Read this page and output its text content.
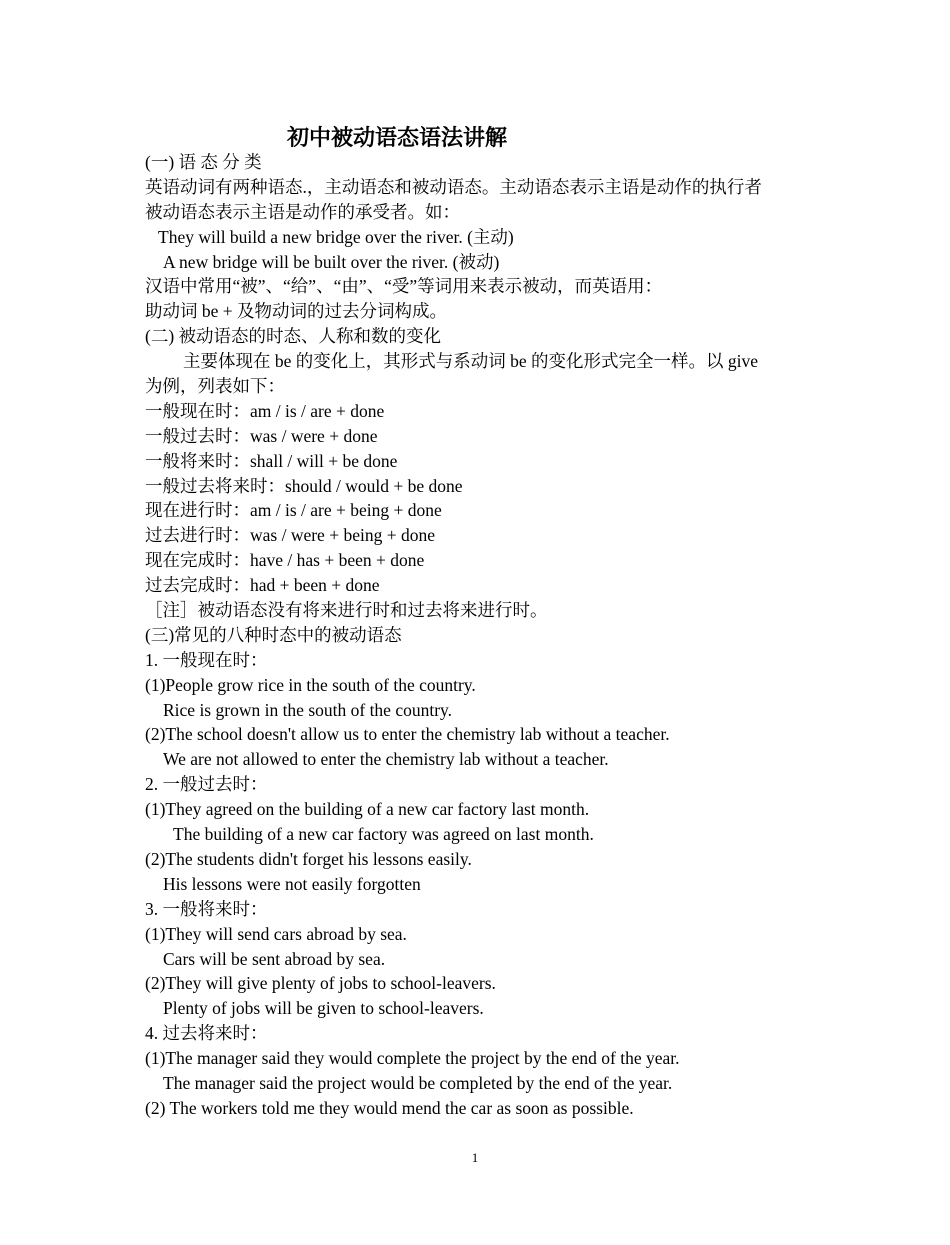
初中被动语态语法讲解
(一) 语 态 分 类
英语动词有两种语态.，主动语态和被动语态。主动语态表示主语是动作的执行者
被动语态表示主语是动作的承受者。如：
They will build a new bridge over the river. (主动)
A new bridge will be built over the river. (被动)
汉语中常用“被”、“给”、“由”、“受”等词用来表示被动，而英语用：
助动词 be + 及物动词的过去分词构成。
(二) 被动语态的时态、人称和数的变化
主要体现在 be 的变化上，其形式与系动词 be 的变化形式完全一样。以 give
为例，列表如下：
一般现在时：am / is / are + done
一般过去时：was / were + done
一般将来时：shall / will + be done
一般过去将来时：should / would + be done
现在进行时：am / is / are + being + done
过去进行时：was / were + being + done
现在完成时：have / has + been + done
过去完成时：had + been + done
［注］被动语态没有将来进行时和过去将来进行时。
(三)常见的八种时态中的被动语态
1. 一般现在时：
(1)People grow rice in the south of the country.
Rice is grown in the south of the country.
(2)The school doesn't allow us to enter the chemistry lab without a teacher.
We are not allowed to enter the chemistry lab without a teacher.
2. 一般过去时：
(1)They agreed on the building of a new car factory last month.
The building of a new car factory was agreed on last month.
(2)The students didn't forget his lessons easily.
His lessons were not easily forgotten
3. 一般将来时：
(1)They will send cars abroad by sea.
Cars will be sent abroad by sea.
(2)They will give plenty of jobs to school-leavers.
Plenty of jobs will be given to school-leavers.
4. 过去将来时：
(1)The manager said they would complete the project by the end of the year.
The manager said the project would be completed by the end of the year.
(2) The workers told me they would mend the car as soon as possible.
1
